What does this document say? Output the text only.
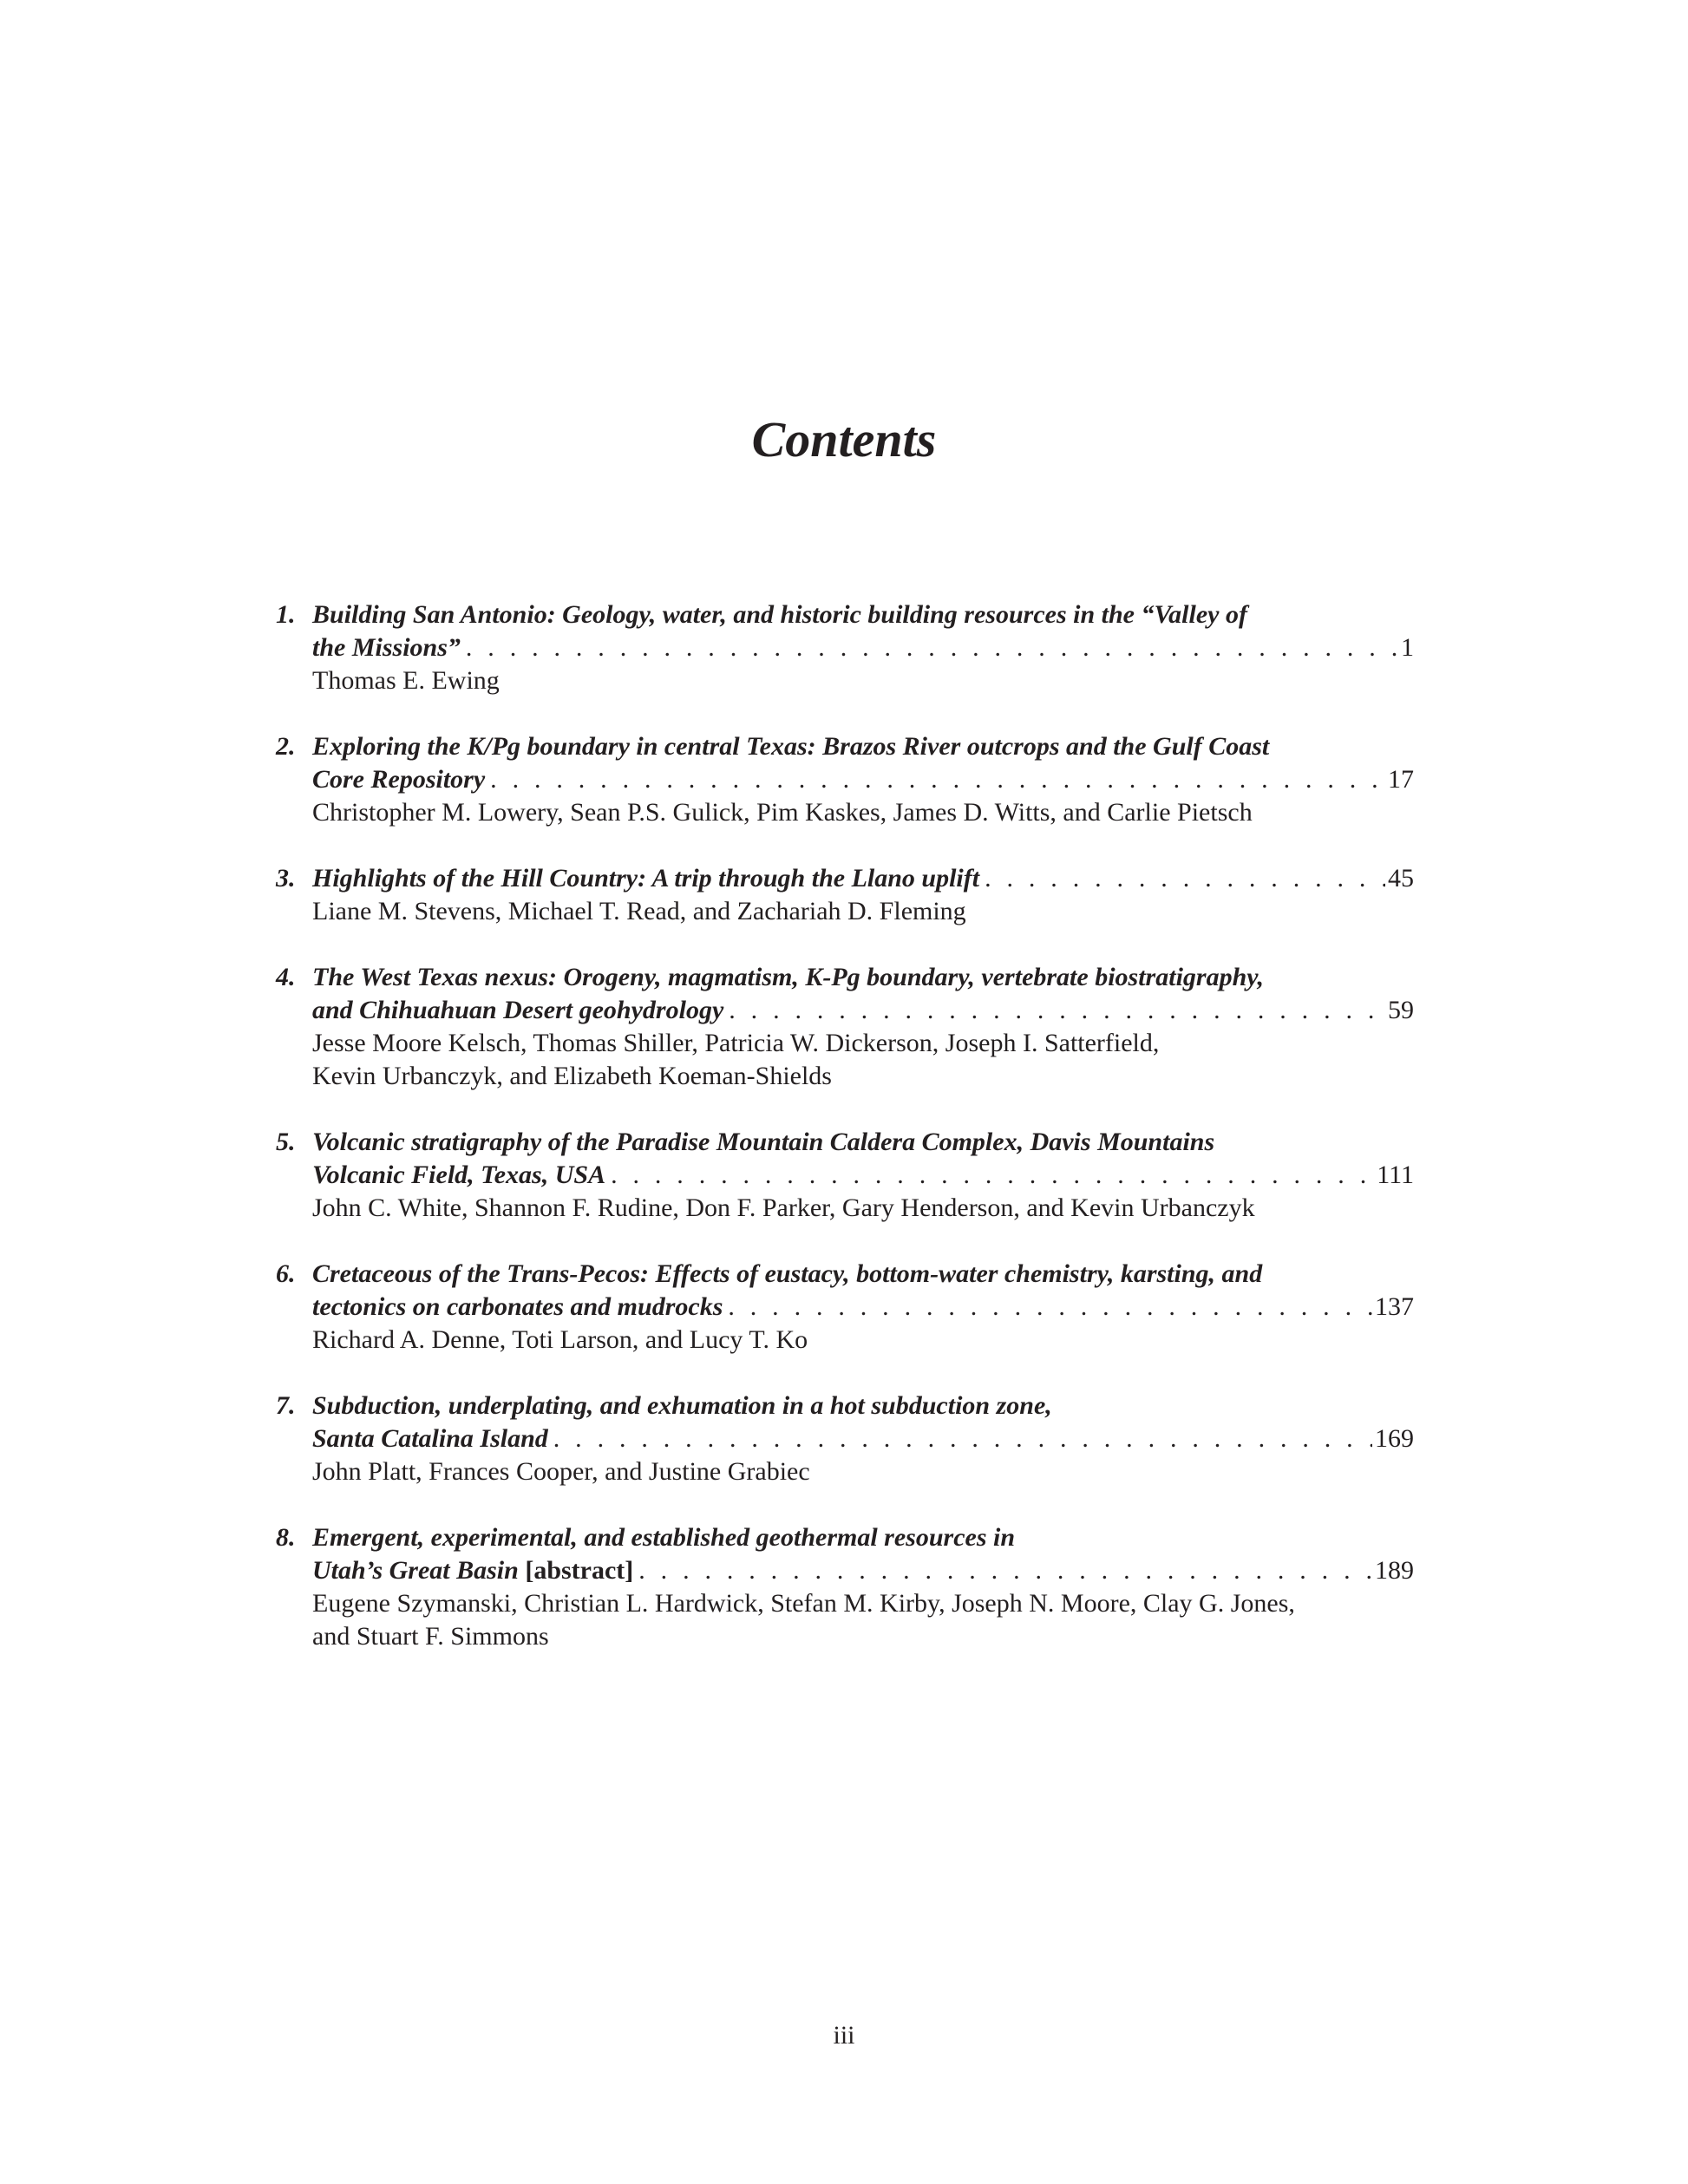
Contents
1. Building San Antonio: Geology, water, and historic building resources in the “Valley of
the Missions” . . .	1
Thomas E. Ewing
2. Exploring the K/Pg boundary in central Texas: Brazos River outcrops and the Gulf Coast
Core Repository . . .	17
Christopher M. Lowery, Sean P.S. Gulick, Pim Kaskes, James D. Witts, and Carlie Pietsch
3. Highlights of the Hill Country: A trip through the Llano uplift . . .	45
Liane M. Stevens, Michael T. Read, and Zachariah D. Fleming
4. The West Texas nexus: Orogeny, magmatism, K-Pg boundary, vertebrate biostratigraphy,
and Chihuahuan Desert geohydrology . . .	59
Jesse Moore Kelsch, Thomas Shiller, Patricia W. Dickerson, Joseph I. Satterfield,
Kevin Urbanczyk, and Elizabeth Koeman-Shields
5. Volcanic stratigraphy of the Paradise Mountain Caldera Complex, Davis Mountains
Volcanic Field, Texas, USA . . .	111
John C. White, Shannon F. Rudine, Don F. Parker, Gary Henderson, and Kevin Urbanczyk
6. Cretaceous of the Trans-Pecos: Effects of eustacy, bottom-water chemistry, karsting, and
tectonics on carbonates and mudrocks . . .	137
Richard A. Denne, Toti Larson, and Lucy T. Ko
7. Subduction, underplating, and exhumation in a hot subduction zone,
Santa Catalina Island . . .	169
John Platt, Frances Cooper, and Justine Grabiec
8. Emergent, experimental, and established geothermal resources in
Utah’s Great Basin [abstract] . . .	189
Eugene Szymanski, Christian L. Hardwick, Stefan M. Kirby, Joseph N. Moore, Clay G. Jones,
and Stuart F. Simmons
iii
